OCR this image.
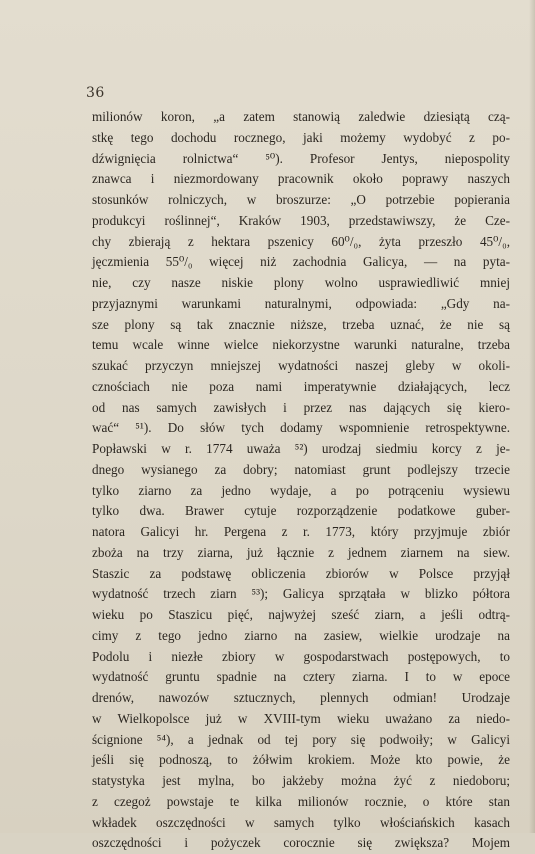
36
milionów koron, „a zatem stanowią zaledwie dziesiątą czą-
stkę tego dochodu rocznego, jaki możemy wydobyć z po-
dźwignięcia rolnictwa“ ⁵⁰). Profesor Jentys, niepospolity
znawca i niezmordowany pracownik około poprawy naszych
stosunków rolniczych, w broszurze: „O potrzebie popierania
produkcyi roślinnej“, Kraków 1903, przedstawiwszy, że Cze-
chy zbierają z hektara pszenicy 60⁰/₀, żyta przeszło 45⁰/₀,
jęczmienia 55⁰/₀ więcej niż zachodnia Galicya, — na pyta-
nie, czy nasze niskie plony wolno usprawiedliwić mniej
przyjaznymi warunkami naturalnymi, odpowiada: „Gdy na-
sze plony są tak znacznie niższe, trzeba uznać, że nie są
temu wcale winne wielce niekorzystne warunki naturalne, trzeba
szukać przyczyn mniejszej wydatności naszej gleby w okoli-
cznościach nie poza nami imperatywnie działających, lecz
od nas samych zawisłych i przez nas dających się kiero-
wać“ ⁵¹). Do słów tych dodamy wspomnienie retrospektywne.
Popławski w r. 1774 uważa ⁵²) urodzaj siedmiu korcy z je-
dnego wysianego za dobry; natomiast grunt podlejszy trzecie
tylko ziarno za jedno wydaje, a po potrąceniu wysiewu
tylko dwa. Brawer cytuje rozporządzenie podatkowe guber-
natora Galicyi hr. Pergena z r. 1773, który przyjmuje zbiór
zboża na trzy ziarna, już łącznie z jednem ziarnem na siew.
Staszic za podstawę obliczenia zbiorów w Polsce przyjął
wydatność trzech ziarn ⁵³); Galicya sprzątała w blizko półtora
wieku po Staszicu pięć, najwyżej sześć ziarn, a jeśli odtrą-
cimy z tego jedno ziarno na zasiew, wielkie urodzaje na
Podolu i niezłe zbiory w gospodarstwach postępowych, to
wydatność gruntu spadnie na cztery ziarna. I to w epoce
drenów, nawozów sztucznych, plennych odmian! Urodzaje
w Wielkopolsce już w XVIII-tym wieku uważano za niedo-
ścignione ⁵⁴), a jednak od tej pory się podwoiły; w Galicyi
jeśli się podnoszą, to żółwim krokiem. Może kto powie, że
statystyka jest mylna, bo jakżeby można żyć z niedoboru;
z czegoż powstaje te kilka milionów rocznie, o które stan
wkładek oszczędności w samych tylko włościańskich kasach
oszczędności i pożyczek corocznie się zwiększa? Mojem
